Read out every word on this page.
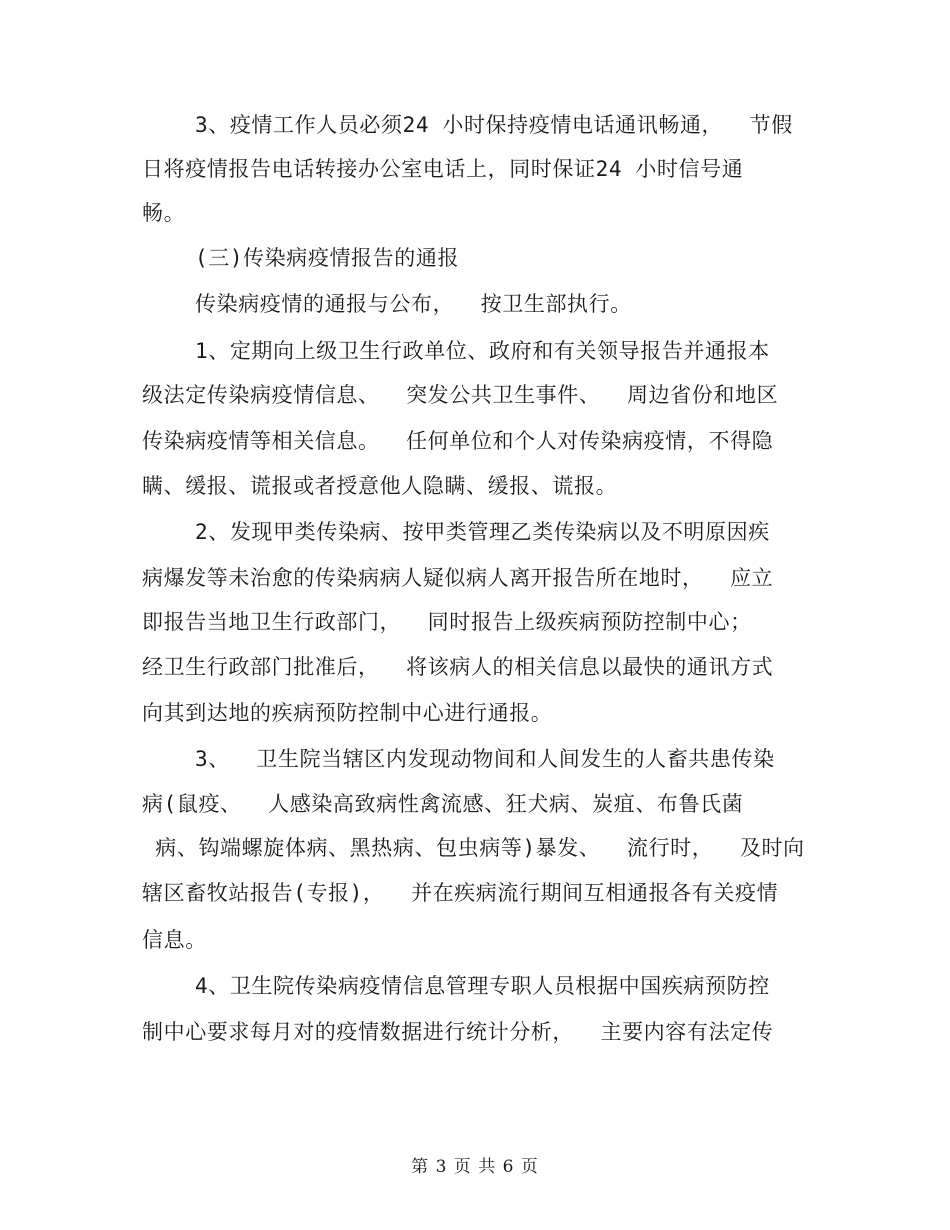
3、疫情工作人员必须24 小时保持疫情电话通讯畅通，  节假
日将疫情报告电话转接办公室电话上，同时保证24 小时信号通
畅。
(三)传染病疫情报告的通报
传染病疫情的通报与公布，  按卫生部执行。
1、定期向上级卫生行政单位、政府和有关领导报告并通报本
级法定传染病疫情信息、  突发公共卫生事件、  周边省份和地区
传染病疫情等相关信息。  任何单位和个人对传染病疫情，不得隐
瞒、缓报、谎报或者授意他人隐瞒、缓报、谎报。
2、发现甲类传染病、按甲类管理乙类传染病以及不明原因疾
病爆发等未治愈的传染病病人疑似病人离开报告所在地时，  应立
即报告当地卫生行政部门，  同时报告上级疾病预防控制中心；
经卫生行政部门批准后，  将该病人的相关信息以最快的通讯方式
向其到达地的疾病预防控制中心进行通报。
3、  卫生院当辖区内发现动物间和人间发生的人畜共患传染
病(鼠疫、  人感染高致病性禽流感、狂犬病、炭疽、布鲁氏菌
病、钩端螺旋体病、黑热病、包虫病等)暴发、  流行时，  及时向
辖区畜牧站报告(专报)，  并在疾病流行期间互相通报各有关疫情
信息。
4、卫生院传染病疫情信息管理专职人员根据中国疾病预防控
制中心要求每月对的疫情数据进行统计分析，  主要内容有法定传
第 3 页 共 6 页
